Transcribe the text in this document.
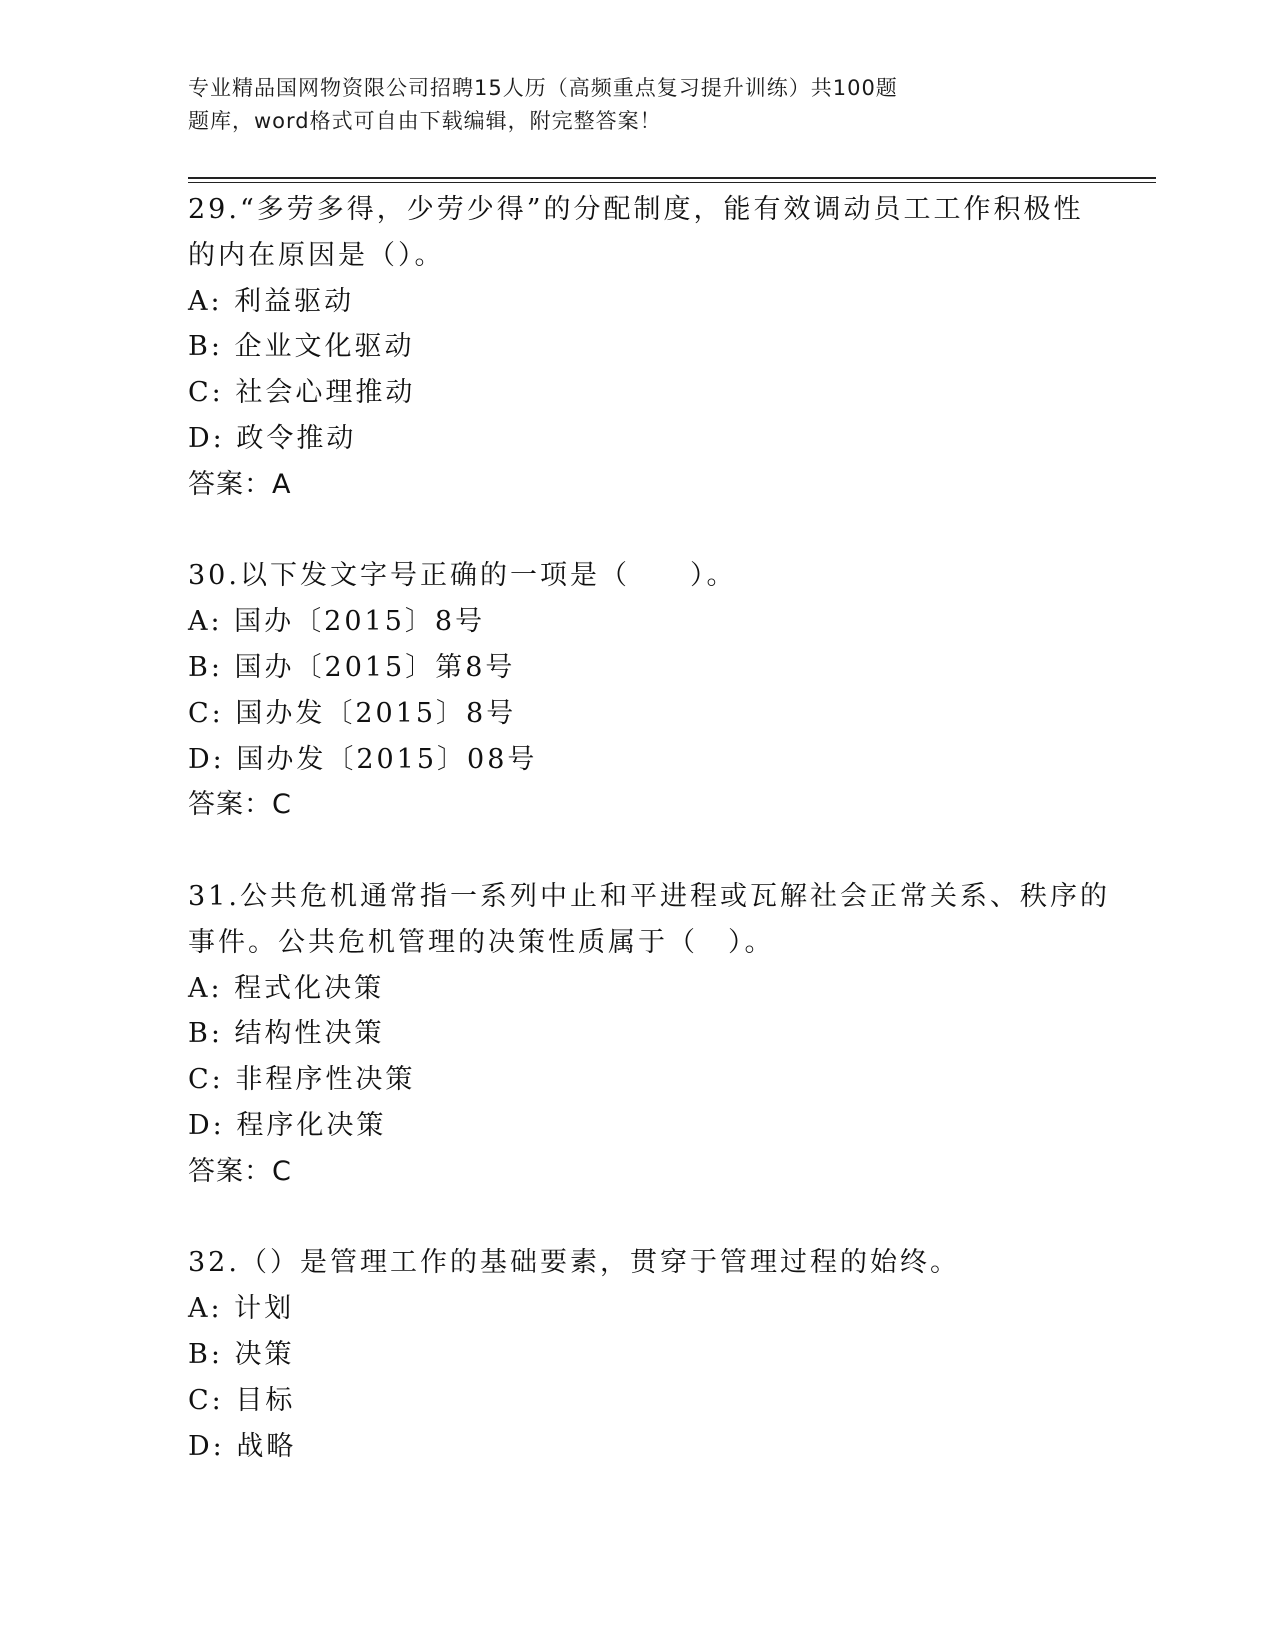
专业精品国网物资限公司招聘15人历（高频重点复习提升训练）共100题
题库，word格式可自由下载编辑，附完整答案！
29.“多劳多得，少劳少得”的分配制度，能有效调动员工工作积极性
的内在原因是（）。
A: 利益驱动
B: 企业文化驱动
C: 社会心理推动
D: 政令推动
答案：A
30.以下发文字号正确的一项是（　　）。
A: 国办〔2015〕8号
B: 国办〔2015〕第8号
C: 国办发〔2015〕8号
D: 国办发〔2015〕08号
答案：C
31.公共危机通常指一系列中止和平进程或瓦解社会正常关系、秩序的
事件。公共危机管理的决策性质属于（　）。
A: 程式化决策
B: 结构性决策
C: 非程序性决策
D: 程序化决策
答案：C
32.（）是管理工作的基础要素，贯穿于管理过程的始终。
A: 计划
B: 决策
C: 目标
D: 战略
